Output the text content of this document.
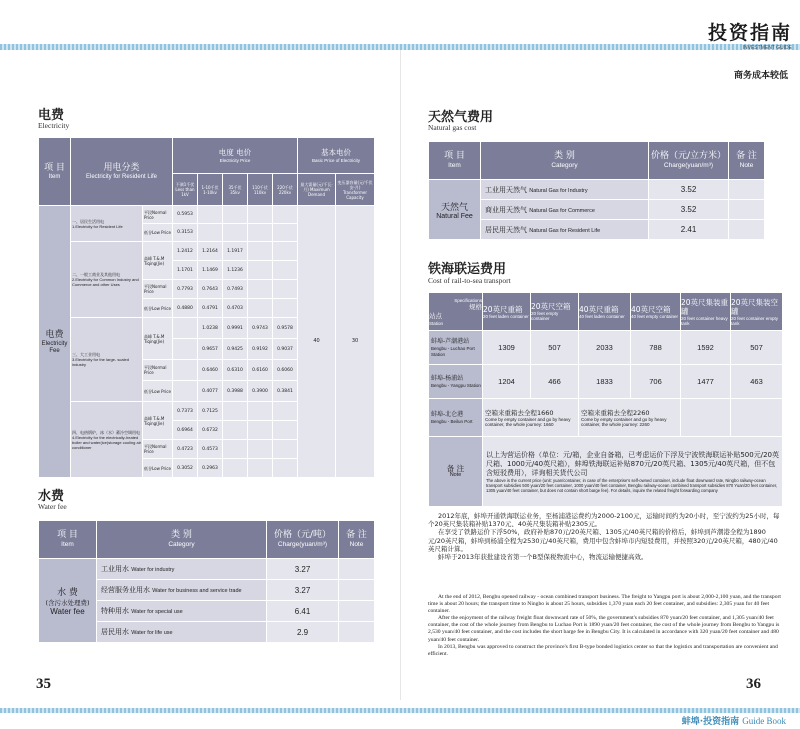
投资指南
INVESTMENT GUIDE
商务成本较低
电费
Electricity
项 目
Item	用电分类
Electricity for Resident Life		电度 电价
Electricity Price					基本电价
Basic Price of Electricity	

			不满1千伏 Less than 1kV	1-10千伏 1-10kv	35千伏 35kv	110千伏 110kv	220千伏 220kv	最大需量(元/千瓦·月) Maximum Demand	变压器容量(元/千伏安·月) Transformer Capacity

电费
Electricity Fee	一、居民生活用电
1.Electricity for Resident Life	平段Normal Price	0.5953					40	30
		低谷Low Price	0.3153						

	二、一般工商业及其他用电
2.Electricity for Common Industry and Commerce and other Uses	高峰 T.&.M Tiqing(Jie)	1.2412	1.2164	1.1917				
			1.1701	1.1469	1.1236				
		平段Normal Price	0.7793	0.7643	0.7493				
		低谷Low Price	0.4880	0.4791	0.4703				

	三、大工业用电
3.Electricity for the large- scaled industry	高峰 T.&.M Tiqing(Jie)		1.0238	0.9991	0.9743	0.9578		
				0.9657	0.9425	0.9192	0.9037		
		平段Normal Price		0.6460	0.6310	0.6160	0.6060		
		低谷Low Price		0.4077	0.3988	0.3900	0.3841		

	四、电热锅炉，冰（水）蓄冷空调用电
4.Electricity for the electrically-heated boiler and water(ice)storage cooling air conditioner	高峰 T.&.M Tiqing(Jie)	0.7373	0.7125					
			0.6964	0.6732					
		平段Normal Price	0.4723	0.4573					
		低谷Low Price	0.3052	0.2963					
水费
Water fee
项 目
Item	类 别
Category	价格（元/吨）
Charge(yuan/m³)	备 注
Note

水 费
(含污水处理费)
Water fee	工业用水 Water for industry	3.27	
	经营服务业用水 Water for business and service trade	3.27	
	特种用水 Water for special use	6.41	
	居民用水 Water for life use	2.9	
35
天然气费用
Natural gas cost
项 目
Item	类 别
Category	价格（元/立方米）
Charge(yuan/m³)	备 注
Note

天然气
Natural Fee	工业用天然气 Natural Gas for Industry	3.52	
	商业用天然气 Natural Gas for Commerce	3.52	
	居民用天然气 Natural Gas for Resident Life	2.41	
铁海联运费用
Cost of rail-to-sea transport
Specifications
规格
站点
Station	20英尺重箱
20 feet laden container	20英尺空箱
20 feet empty container	40英尺重箱
40 feet laden container	40英尺空箱
40 feet empty container	20英尺集装重罐
20 feet container heavy tank	20英尺集装空罐
20 feet container empty tank

蚌埠-芦潮港站
Bengbu - Luchao Port Station	1309	507	2033	788	1592	507

蚌埠-杨浦站
Bengbu - Yangpu Station	1204	466	1833	706	1477	463

蚌埠-北仑港
Bengbu - Beilun Port	空箱来重箱去全程1660
Come by empty container and go by heavy container, the whole journey: 1660		空箱来重箱去全程2260
Come by empty container and go by heavy container, the whole journey: 2260			

备 注
Note	以上为营运价格（单位：元/箱，企业自备箱，已考虑运价下浮及宁波铁海联运补贴500元/20英尺箱、1000元/40英尺箱），蚌埠铁海联运补贴870元/20英尺箱、1305元/40英尺箱，但不包含短驳费用），详询相关货代公司
The above is the current price (unit: yuan/container, in case of the enterprise's self-owned container, include float downward rate, Ningbo railway-ocean transport subsidies 500 yuan/20 feet container, 1000 yuan/40 feet container, Bengbu railway-ocean combined transport subsidies 870 Yuan/20 feet container, 1305 yuan/40 feet container, but does not contain short barge fee). For details, inquire the related freight forwarding company					

2012年底，蚌埠开通铁海联运业务，至杨浦港运费约为2000-2100元，运输时间约为20小时，至宁波约为25小时，每个20英尺集装箱补贴1370元、40英尺集装箱补贴2305元。

在享受了铁路运价下浮50%，政府补贴870元/20英尺箱、1305元/40英尺箱的价格后，蚌埠到芦潮港全程为1890元/20英尺箱，蚌埠到杨浦全程为2530元/40英尺箱，费用中包含蚌埠市内短驳费用，并按照320元/20英尺箱，480元/40英尺箱计算。

蚌埠于2013年获批建设省第一个B型保税物流中心，物流运输便捷高效。

At the end of 2012, Bengbu opened railway - ocean combined transport business. The freight to Yangpu port is about 2,000-2,100 yuan, and the transport time is about 20 hours; the transport time to Ningbo is about 25 hours, subsidies 1,370 yuan each 20 feet container, and subsidies: 2,305 yuan for 40 feet container.

After the enjoyment of the railway freight float downward rate of 50%, the government's subsidies 870 yuan/20 feet container, and 1,305 yuan/40 feet container, the cost of the whole journey from Bengbu to Luchao Port is 1890 yuan/20 feet container, the cost of the whole journey from Bengbu to Yangpu is 2,530 yuan/40 feet container, and the cost includes the short barge fee in Bengbu City. It is calculated in accordance with 320 yuan/20 feet container and 480 yuan/40 feet container.

In 2013, Bengbu was approved to construct the province's first B-type bonded logistics center so that the logistics and transportation are convenient and efficient.

36
蚌埠·投资指南 Guide Book
